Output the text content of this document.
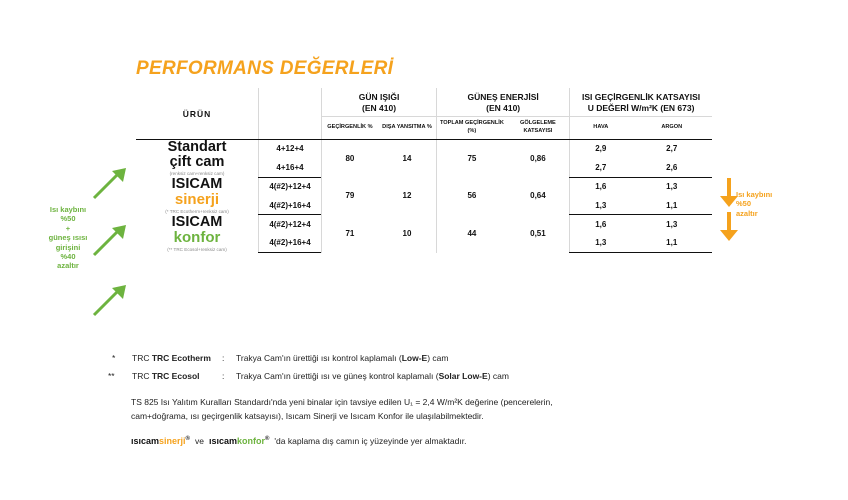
PERFORMANS DEĞERLERİ
ÜRÜN		
GÜN IŞIĞI
(EN 410)

GÜNEŞ ENERJİSİ
(EN 410)

ISI GEÇİRGENLİK KATSAYISI
U DEĞERİ W/m²K (EN 673)

		GEÇİRGENLİK %	DIŞA YANSITMA %	TOPLAM GEÇİRGENLİK (%)	GÖLGELEME KATSAYISI	HAVA	ARGON

Standart
çift cam
(renksiz cam+renksiz cam)	4+12+4	80	14	75	0,86	2,9	2,7
	4+16+4					2,7	2,6

ISICAM
sinerji
(* TRC Ecotherm+renksiz cam)	4(#2)+12+4	79	12	56	0,64	1,6	1,3
	4(#2)+16+4					1,3	1,1

ISICAM
konfor
(** TRC Ecosol+renksiz cam)	4(#2)+12+4	71	10	44	0,51	1,6	1,3
	4(#2)+16+4					1,3	1,1
Isı kaybını
%50
+
güneş ısısı
girişini
%40
azaltır
Isı kaybını
%50
azaltır
* TRC TRC Ecotherm : Trakya Cam'ın ürettiği ısı kontrol kaplamalı (Low-E) cam
** TRC TRC Ecosol	: Trakya Cam'ın ürettiği ısı ve güneş kontrol kaplamalı (Solar Low-E) cam
TS 825 Isı Yalıtım Kuralları Standardı'nda yeni binalar için tavsiye edilen U₁ = 2,4 W/m²K değerine (pencerelerin, cam+doğrama, ısı geçirgenlik katsayısı), Isıcam Sinerji ve Isıcam Konfor ile ulaşılabilmektedir.
ısıcamsinerji® ve ısıcamkonfor® 'da kaplama dış camın iç yüzeyinde yer almaktadır.
